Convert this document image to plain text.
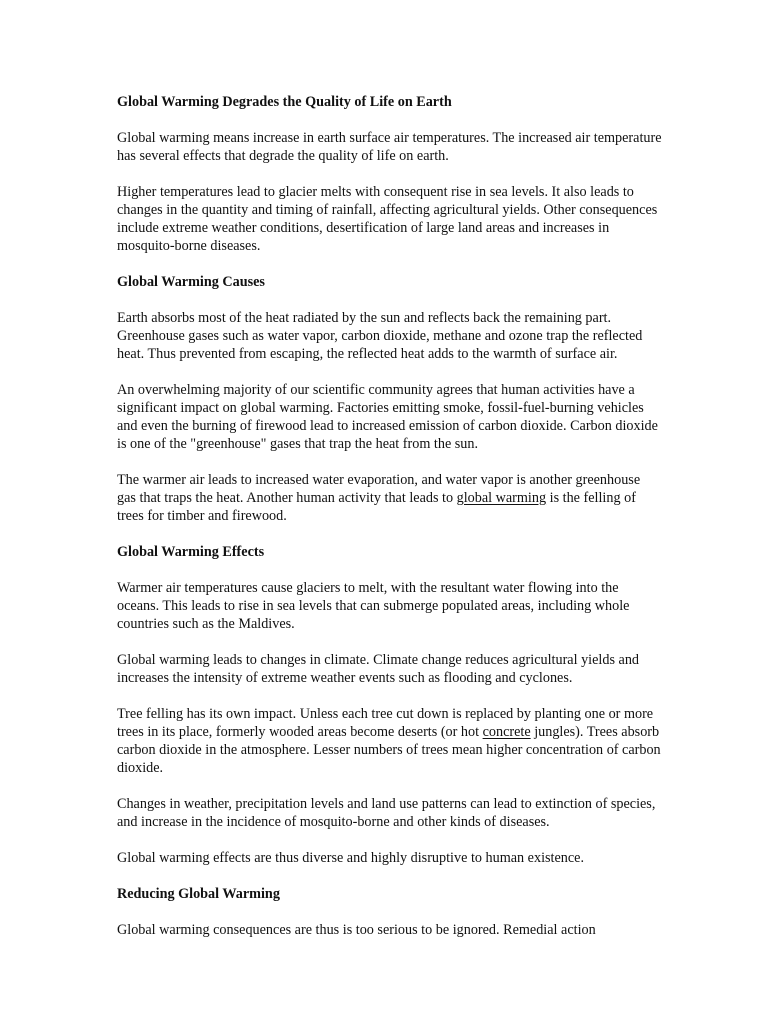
Global Warming Degrades the Quality of Life on Earth
Global warming means increase in earth surface air temperatures. The increased air temperature has several effects that degrade the quality of life on earth.
Higher temperatures lead to glacier melts with consequent rise in sea levels. It also leads to changes in the quantity and timing of rainfall, affecting agricultural yields. Other consequences include extreme weather conditions, desertification of large land areas and increases in mosquito-borne diseases.
Global Warming Causes
Earth absorbs most of the heat radiated by the sun and reflects back the remaining part. Greenhouse gases such as water vapor, carbon dioxide, methane and ozone trap the reflected heat. Thus prevented from escaping, the reflected heat adds to the warmth of surface air.
An overwhelming majority of our scientific community agrees that human activities have a significant impact on global warming. Factories emitting smoke, fossil-fuel-burning vehicles and even the burning of firewood lead to increased emission of carbon dioxide. Carbon dioxide is one of the "greenhouse" gases that trap the heat from the sun.
The warmer air leads to increased water evaporation, and water vapor is another greenhouse gas that traps the heat. Another human activity that leads to global warming is the felling of trees for timber and firewood.
Global Warming Effects
Warmer air temperatures cause glaciers to melt, with the resultant water flowing into the oceans. This leads to rise in sea levels that can submerge populated areas, including whole countries such as the Maldives.
Global warming leads to changes in climate. Climate change reduces agricultural yields and increases the intensity of extreme weather events such as flooding and cyclones.
Tree felling has its own impact. Unless each tree cut down is replaced by planting one or more trees in its place, formerly wooded areas become deserts (or hot concrete jungles). Trees absorb carbon dioxide in the atmosphere. Lesser numbers of trees mean higher concentration of carbon dioxide.
Changes in weather, precipitation levels and land use patterns can lead to extinction of species, and increase in the incidence of mosquito-borne and other kinds of diseases.
Global warming effects are thus diverse and highly disruptive to human existence.
Reducing Global Warming
Global warming consequences are thus is too serious to be ignored. Remedial action
